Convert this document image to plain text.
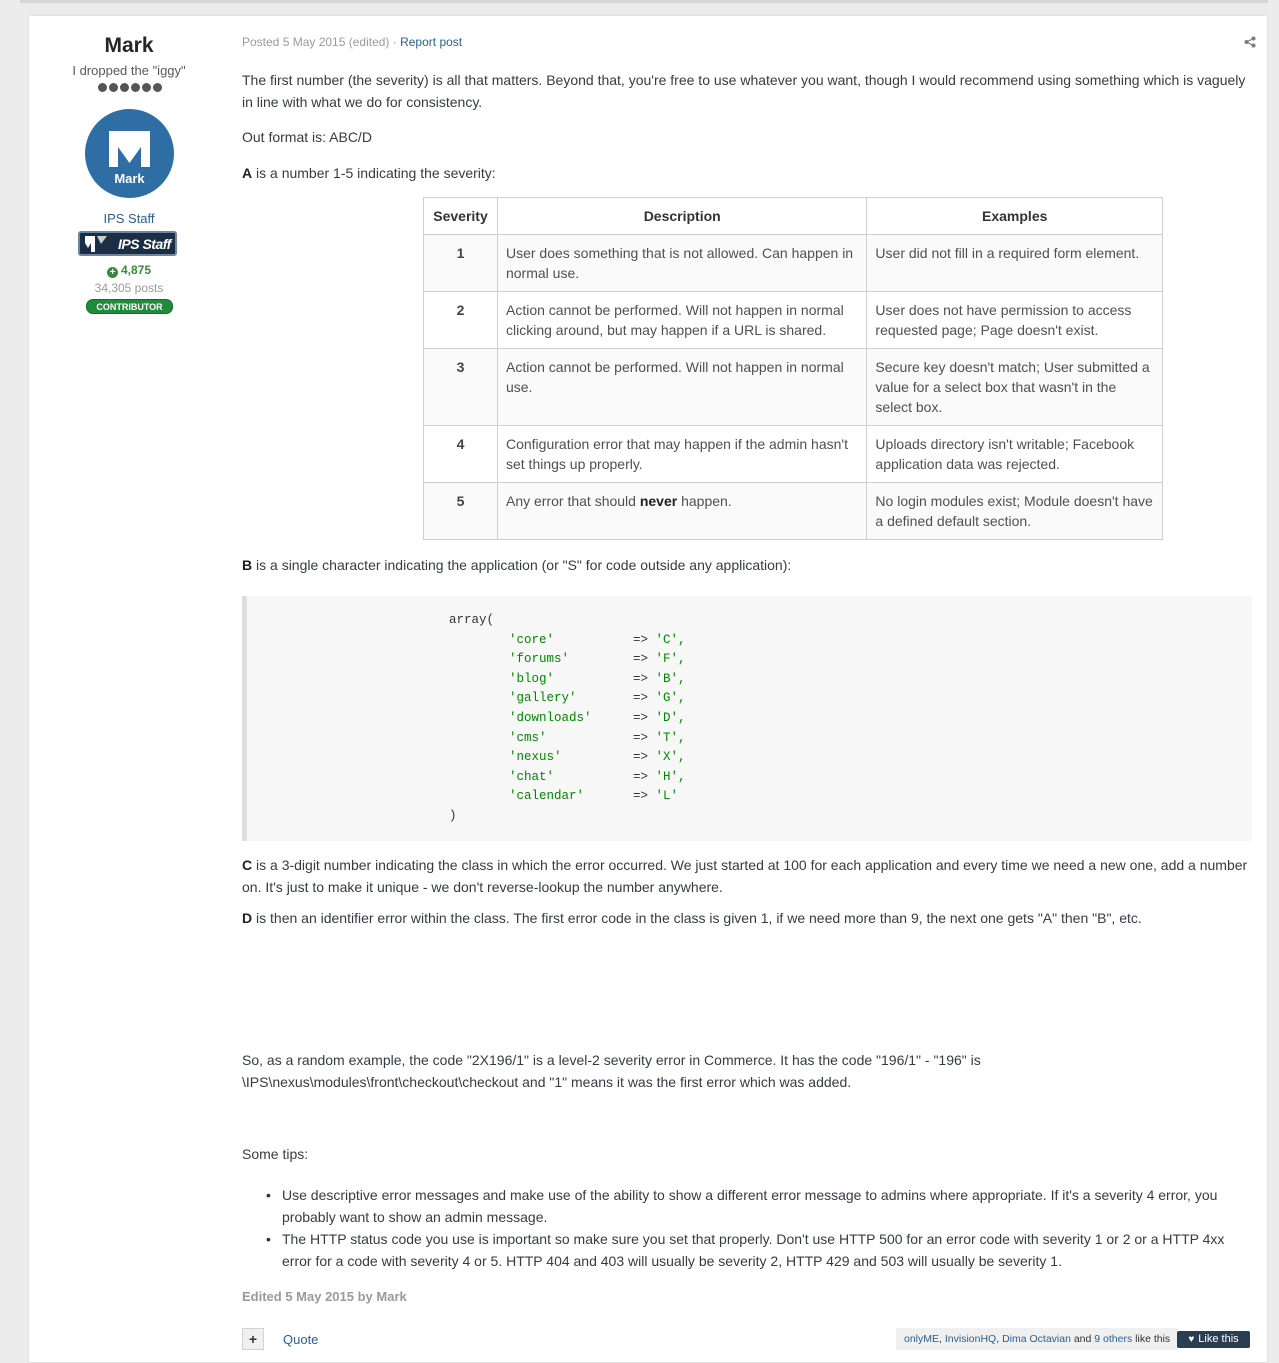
Mark
I dropped the "iggy"
Mark
IPS Staff
IPS Staff
+ 4,875
34,305 posts
CONTRIBUTOR
Posted 5 May 2015 (edited) · Report post

The first number (the severity) is all that matters. Beyond that, you're free to use whatever you want, though I would recommend using something which is vaguely in line with what we do for consistency.

Out format is: ABC/D

A is a number 1-5 indicating the severity:

Severity	Description	Examples
1	User does something that is not allowed. Can happen in normal use.	User did not fill in a required form element.
2	Action cannot be performed. Will not happen in normal clicking around, but may happen if a URL is shared.	User does not have permission to access requested page; Page doesn't exist.
3	Action cannot be performed. Will not happen in normal use.	Secure key doesn't match; User submitted a value for a select box that wasn't in the select box.
4	Configuration error that may happen if the admin hasn't set things up properly.	Uploads directory isn't writable; Facebook application data was rejected.
5	Any error that should never happen.	No login modules exist; Module doesn't have a defined default section.

B is a single character indicating the application (or "S" for code outside any application):

array(
'core'	=> 'C',
'forums'	=> 'F',
'blog'	=> 'B',
'gallery'	=> 'G',
'downloads'	=> 'D',
'cms'	=> 'T',
'nexus'	=> 'X',
'chat'	=> 'H',
'calendar'	=> 'L'
)

C is a 3-digit number indicating the class in which the error occurred. We just started at 100 for each application and every time we need a new one, add a number on. It's just to make it unique - we don't reverse-lookup the number anywhere.

D is then an identifier error within the class. The first error code in the class is given 1, if we need more than 9, the next one gets "A" then "B", etc.

So, as a random example, the code "2X196/1" is a level-2 severity error in Commerce. It has the code "196/1" - "196" is \IPS\nexus\modules\front\checkout\checkout and "1" means it was the first error which was added.

Some tips:

• Use descriptive error messages and make use of the ability to show a different error message to admins where appropriate. If it's a severity 4 error, you probably want to show an admin message.
• The HTTP status code you use is important so make sure you set that properly. Don't use HTTP 500 for an error code with severity 1 or 2 or a HTTP 4xx error for a code with severity 4 or 5. HTTP 404 and 403 will usually be severity 2, HTTP 429 and 503 will usually be severity 1.
Edited 5 May 2015 by Mark
+	Quote	onlyME, InvisionHQ, Dima Octavian and 9 others like this	♥ Like this
